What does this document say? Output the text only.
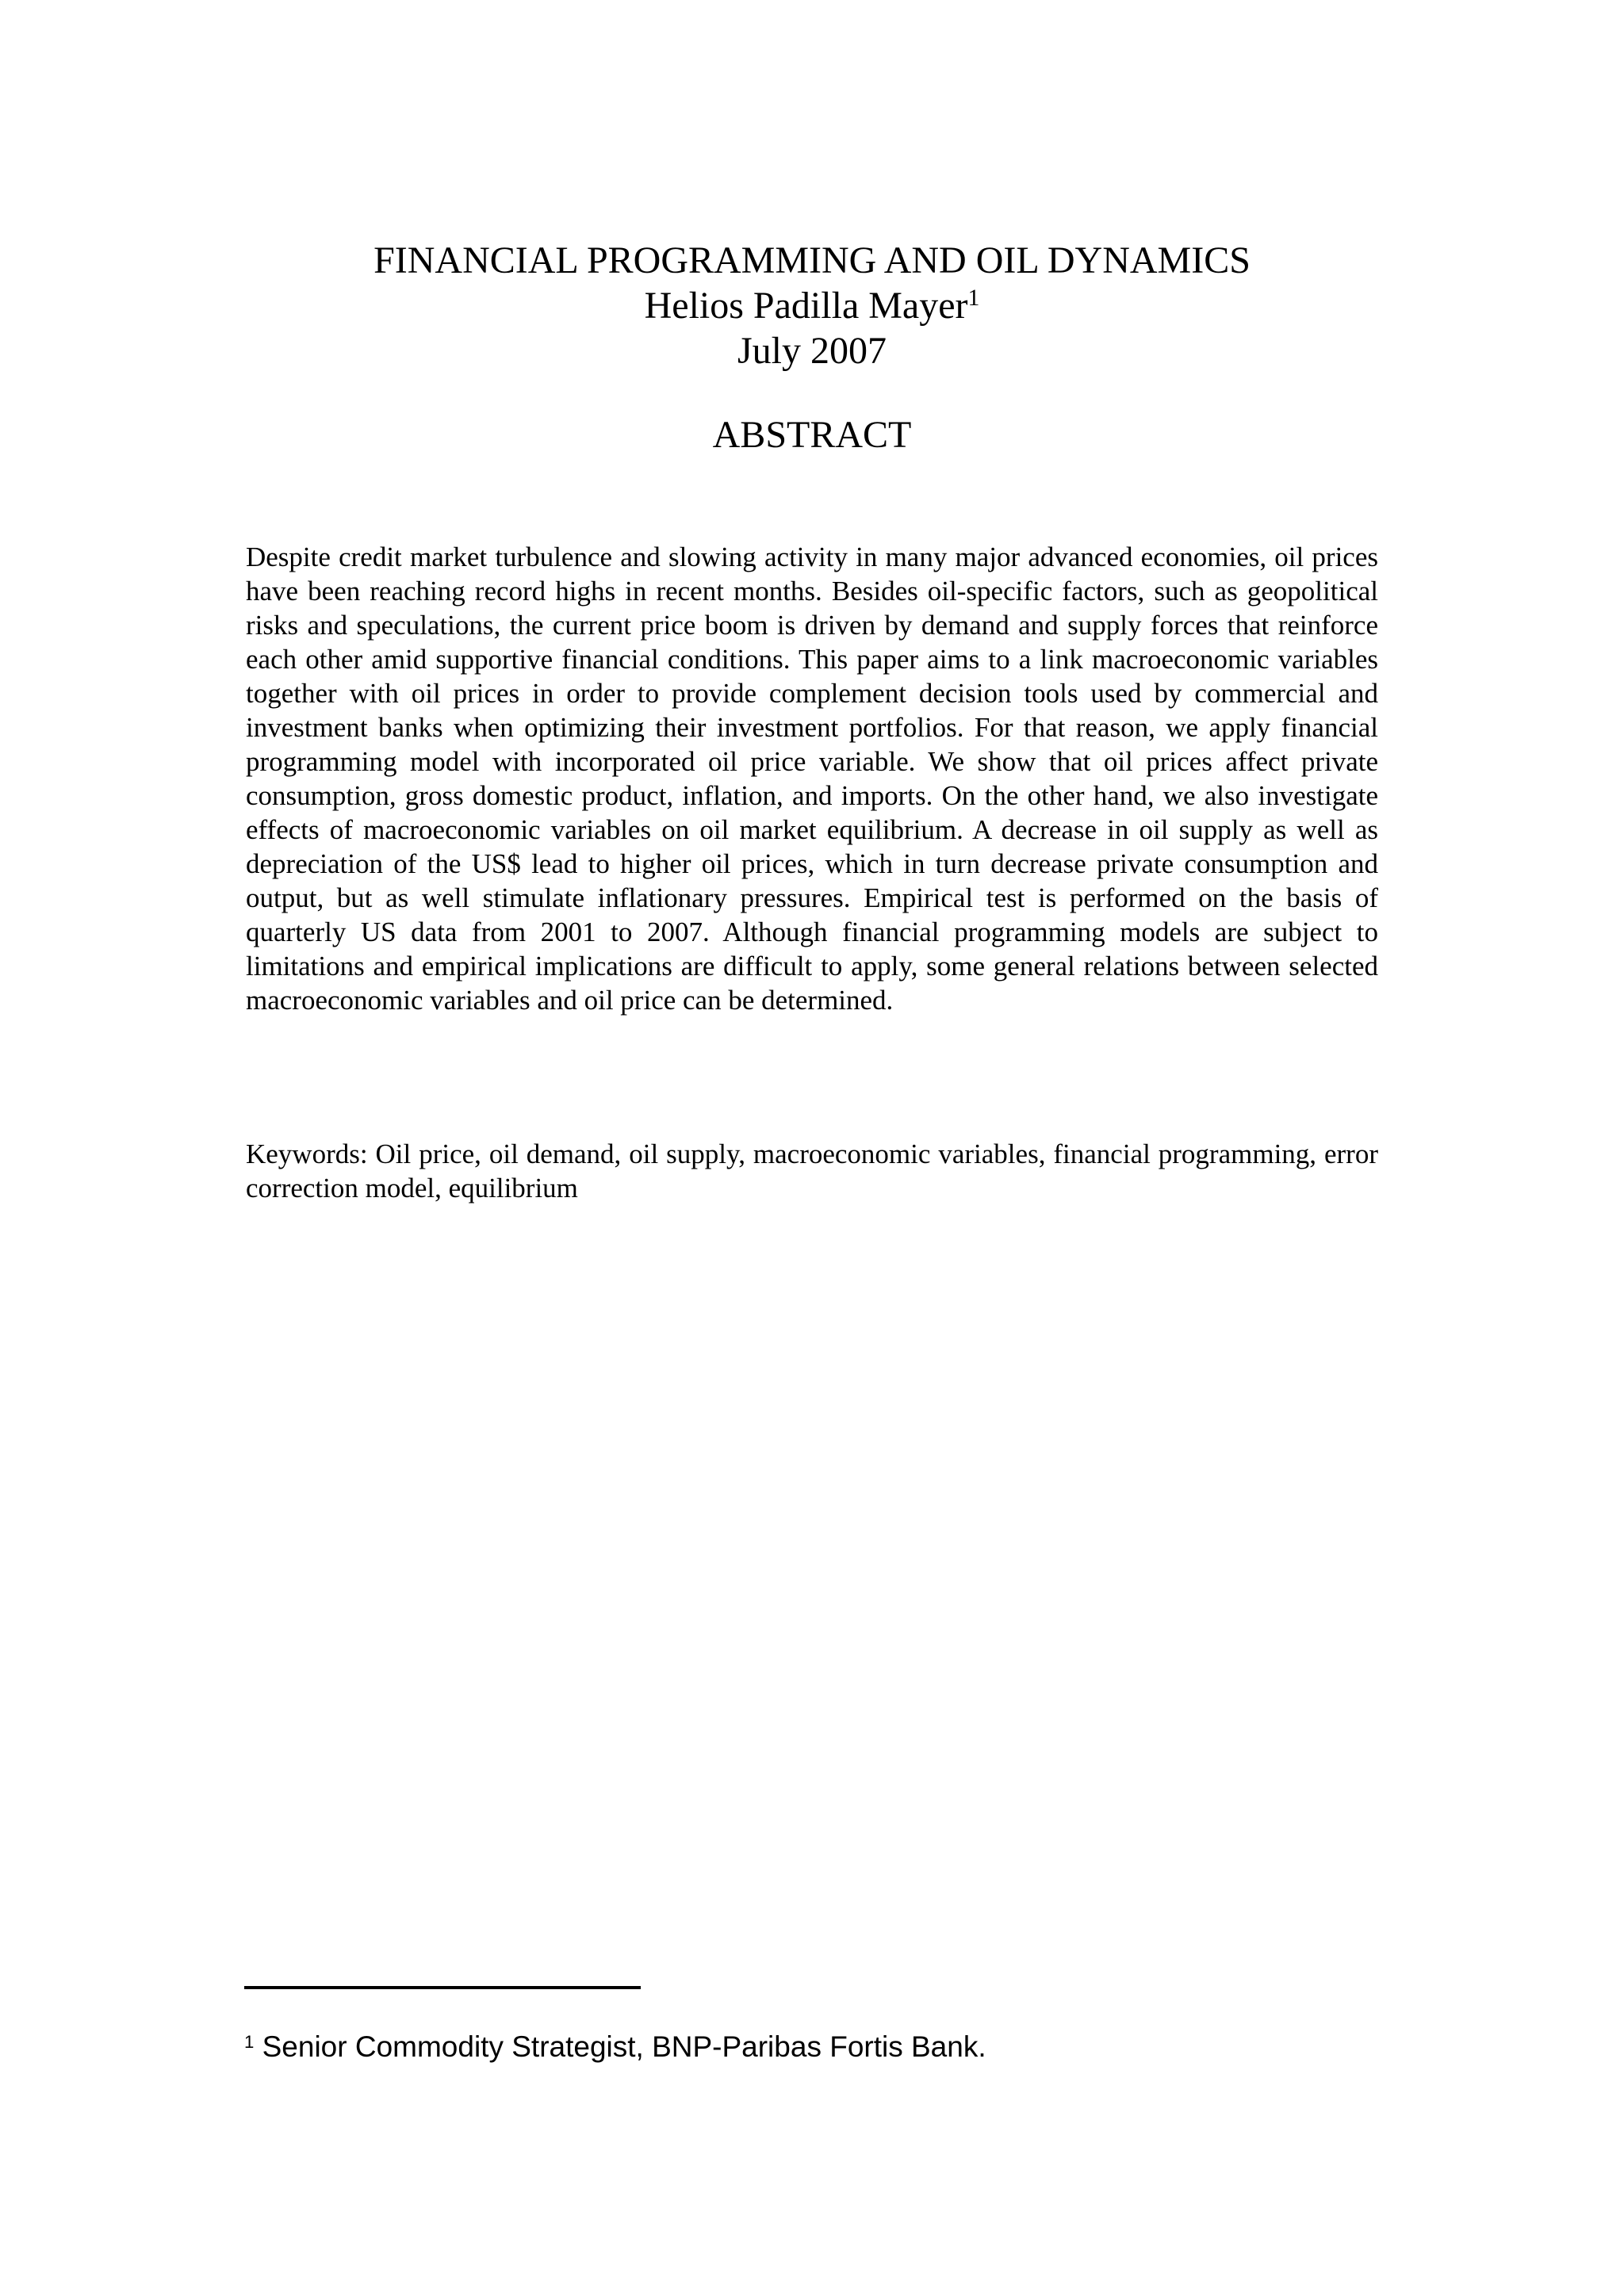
FINANCIAL PROGRAMMING AND OIL DYNAMICS
Helios Padilla Mayer$^1$
July 2007
ABSTRACT
Despite credit market turbulence and slowing activity in many major advanced economies, oil prices have been reaching record highs in recent months. Besides oil-specific factors, such as geopolitical risks and speculations, the current price boom is driven by demand and supply forces that reinforce each other amid supportive financial conditions. This paper aims to a link macroeconomic variables together with oil prices in order to provide complement decision tools used by commercial and investment banks when optimizing their investment portfolios. For that reason, we apply financial programming model with incorporated oil price variable. We show that oil prices affect private consumption, gross domestic product, inflation, and imports. On the other hand, we also investigate effects of macroeconomic variables on oil market equilibrium. A decrease in oil supply as well as depreciation of the US$ lead to higher oil prices, which in turn decrease private consumption and output, but as well stimulate inflationary pressures. Empirical test is performed on the basis of quarterly US data from 2001 to 2007. Although financial programming models are subject to limitations and empirical implications are difficult to apply, some general relations between selected macroeconomic variables and oil price can be determined.
Keywords: Oil price, oil demand, oil supply, macroeconomic variables, financial programming, error correction model, equilibrium
$^1$ Senior Commodity Strategist, BNP-Paribas Fortis Bank.
